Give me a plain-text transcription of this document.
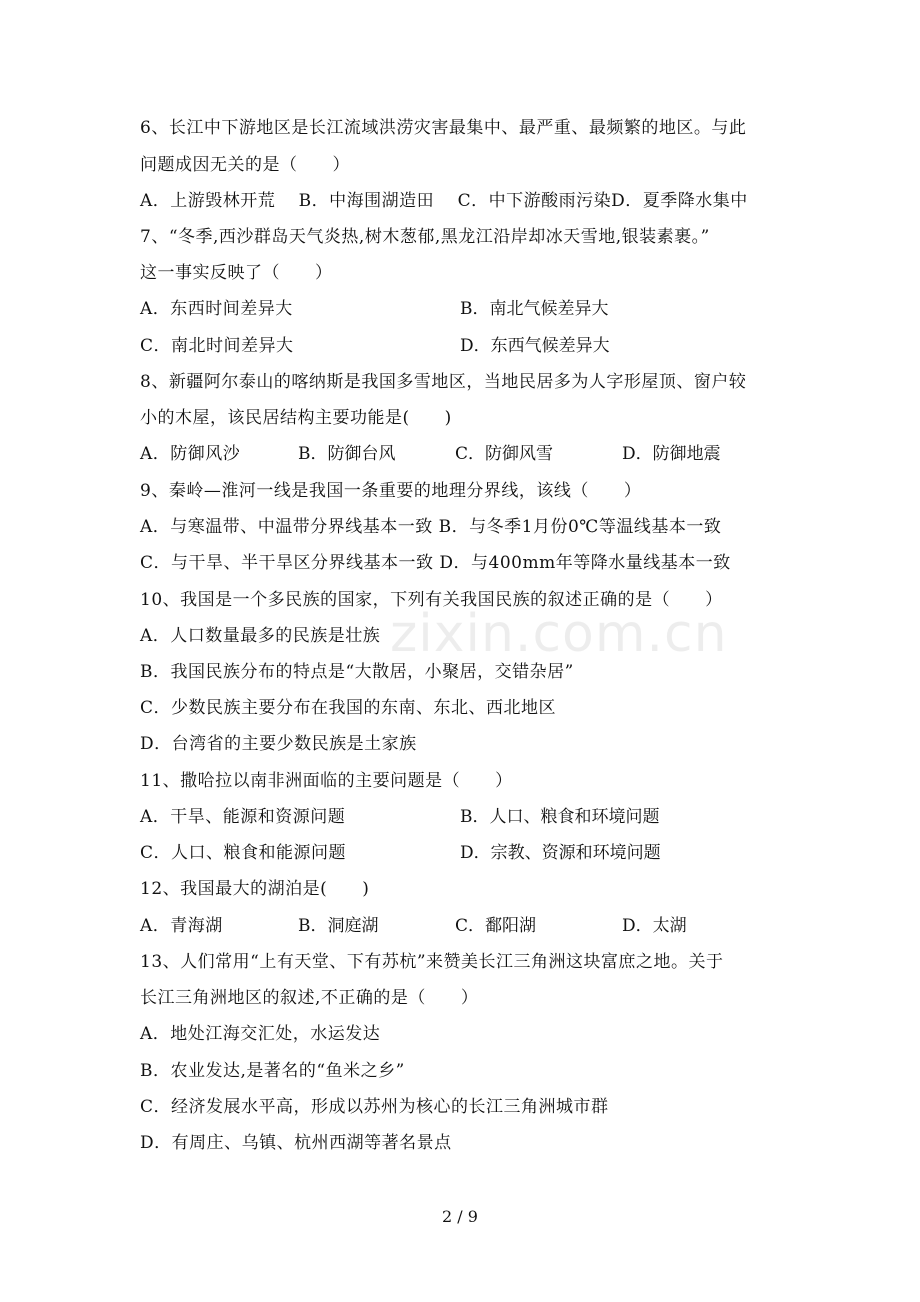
zixin.com.cn
6、长江中下游地区是长江流域洪涝灾害最集中、最严重、最频繁的地区。与此
问题成因无关的是（　　）
A．上游毁林开荒　 B．中海围湖造田　 C．中下游酸雨污染D．夏季降水集中
7、“冬季,西沙群岛天气炎热,树木葱郁,黑龙江沿岸却冰天雪地,银装素裹。”
这一事实反映了（　　）
A．东西时间差异大	B．南北气候差异大
C．南北时间差异大	D．东西气候差异大
8、新疆阿尔泰山的喀纳斯是我国多雪地区，当地民居多为人字形屋顶、窗户较
小的木屋，该民居结构主要功能是(　　)
A．防御风沙	B．防御台风	C．防御风雪	D．防御地震
9、秦岭—淮河一线是我国一条重要的地理分界线，该线（　　）
A．与寒温带、中温带分界线基本一致 B．与冬季1月份0℃等温线基本一致
C．与干旱、半干旱区分界线基本一致 D．与400mm年等降水量线基本一致
10、我国是一个多民族的国家，下列有关我国民族的叙述正确的是（　　）
A．人口数量最多的民族是壮族
B．我国民族分布的特点是“大散居，小聚居，交错杂居”
C．少数民族主要分布在我国的东南、东北、西北地区
D．台湾省的主要少数民族是土家族
11、撒哈拉以南非洲面临的主要问题是（　　）
A．干旱、能源和资源问题	B．人口、粮食和环境问题
C．人口、粮食和能源问题	D．宗教、资源和环境问题
12、我国最大的湖泊是(　　)
A．青海湖	B．洞庭湖	C．鄱阳湖	D．太湖
13、人们常用“上有天堂、下有苏杭”来赞美长江三角洲这块富庶之地。关于
长江三角洲地区的叙述,不正确的是（　　）
A．地处江海交汇处，水运发达
B．农业发达,是著名的“鱼米之乡”
C．经济发展水平高，形成以苏州为核心的长江三角洲城市群
D．有周庄、乌镇、杭州西湖等著名景点
2 / 9
